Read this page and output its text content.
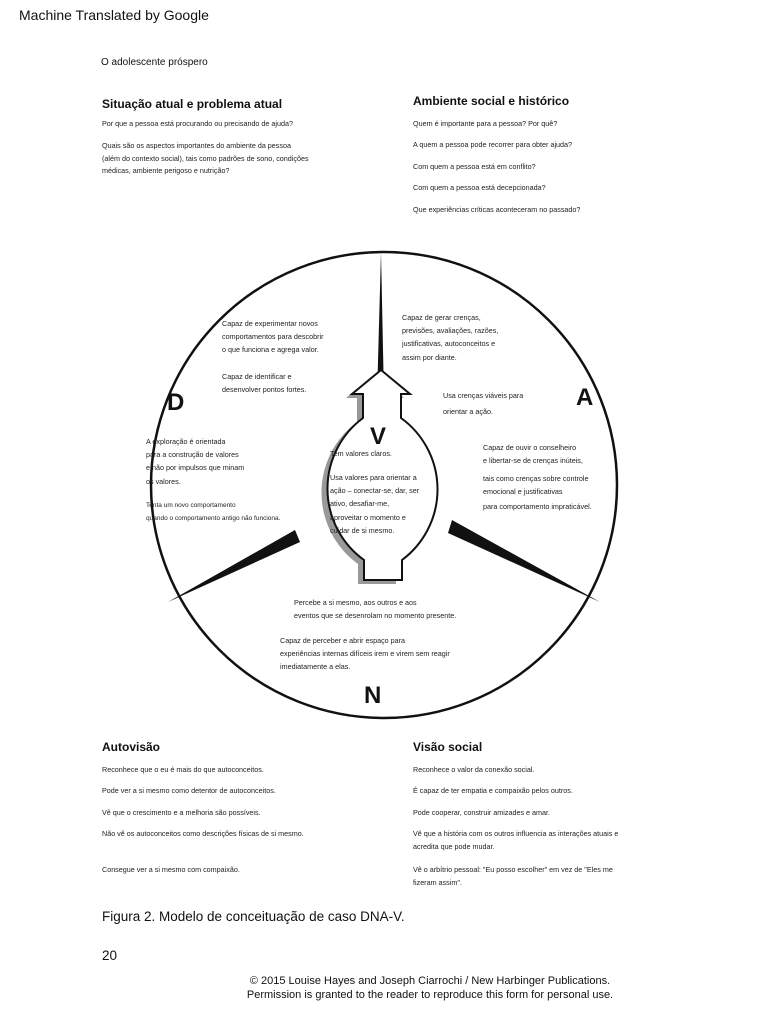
Machine Translated by Google
O adolescente próspero
Situação atual e problema atual
Por que a pessoa está procurando ou precisando de ajuda?
Quais são os aspectos importantes do ambiente da pessoa
(além do contexto social), tais como padrões de sono, condições
médicas, ambiente perigoso e nutrição?
Ambiente social e histórico
Quem é importante para a pessoa? Por quê?
A quem a pessoa pode recorrer para obter ajuda?
Com quem a pessoa está em conflito?
Com quem a pessoa está decepcionada?
Que experiências críticas aconteceram no passado?
D	A
V
N
Capaz de experimentar novos
comportamentos para descobrir
o que funciona e agrega valor.
Capaz de identificar e
desenvolver pontos fortes.
A exploração é orientada
para a construção de valores
e não por impulsos que minam
os valores.
Tenta um novo comportamento
quando o comportamento antigo não funciona.
Capaz de gerar crenças,
previsões, avaliações, razões,
justificativas, autoconceitos e
assim por diante.
Usa crenças viáveis para
orientar a ação.
Capaz de ouvir o conselheiro
e libertar-se de crenças inúteis,
tais como crenças sobre controle
emocional e justificativas
para comportamento impraticável.
Tem valores claros.
Usa valores para orientar a
ação – conectar-se, dar, ser
ativo, desafiar-me,
aproveitar o momento e
cuidar de si mesmo.
Percebe a si mesmo, aos outros e aos
eventos que se desenrolam no momento presente.
Capaz de perceber e abrir espaço para
experiências internas difíceis irem e virem sem reagir
imediatamente a elas.
Autovisão
Reconhece que o eu é mais do que autoconceitos.
Pode ver a si mesmo como detentor de autoconceitos.
Vê que o crescimento e a melhoria são possíveis.
Não vê os autoconceitos como descrições físicas de si mesmo.
Consegue ver a si mesmo com compaixão.
Visão social
Reconhece o valor da conexão social.
É capaz de ter empatia e compaixão pelos outros.
Pode cooperar, construir amizades e amar.
Vê que a história com os outros influencia as interações atuais e
acredita que pode mudar.
Vê o arbítrio pessoal: "Eu posso escolher" em vez de "Eles me
fizeram assim".
Figura 2. Modelo de conceituação de caso DNA-V.
20
© 2015 Louise Hayes and Joseph Ciarrochi / New Harbinger Publications.
Permission is granted to the reader to reproduce this form for personal use.
